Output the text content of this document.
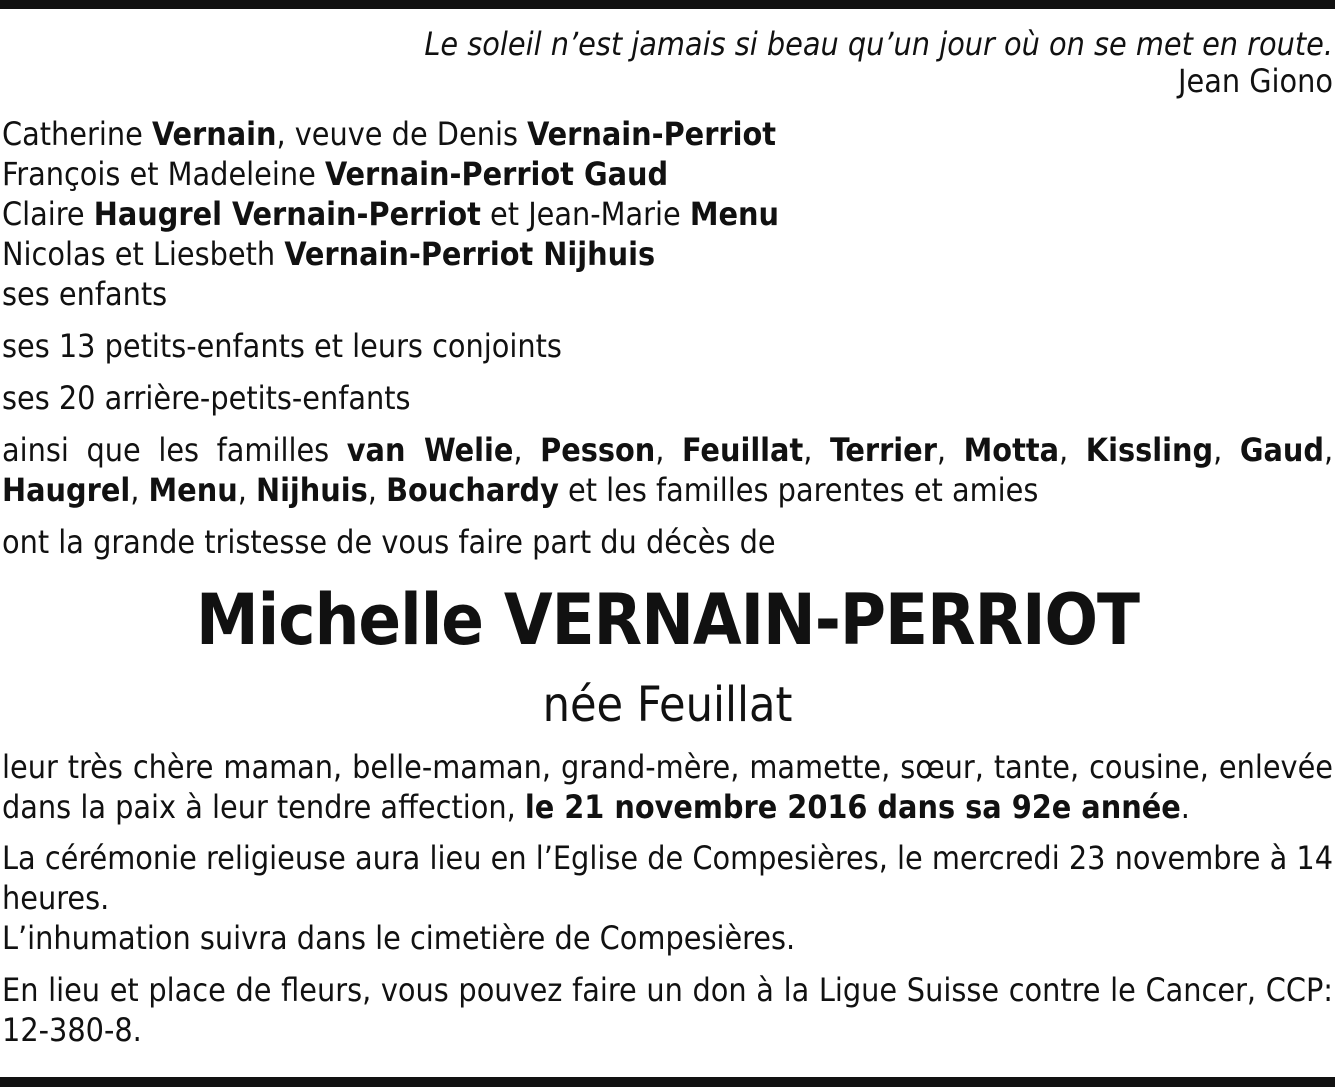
Le soleil n’est jamais si beau qu’un jour où on se met en route.
Jean Giono
Catherine Vernain, veuve de Denis Vernain-Perriot
François et Madeleine Vernain-Perriot Gaud
Claire Haugrel Vernain-Perriot et Jean-Marie Menu
Nicolas et Liesbeth Vernain-Perriot Nijhuis
ses enfants
ses 13 petits-enfants et leurs conjoints
ses 20 arrière-petits-enfants
ainsi que les familles van Welie, Pesson, Feuillat, Terrier, Motta, Kissling, Gaud, Haugrel, Menu, Nijhuis, Bouchardy et les familles parentes et amies
ont la grande tristesse de vous faire part du décès de
Michelle VERNAIN-PERRIOT
née Feuillat
leur très chère maman, belle-maman, grand-mère, mamette, sœur, tante, cousine, enlevée dans la paix à leur tendre affection, le 21 novembre 2016 dans sa 92e année.
La cérémonie religieuse aura lieu en l’Eglise de Compesières, le mercredi 23 novembre à 14 heures.
L’inhumation suivra dans le cimetière de Compesières.
En lieu et place de fleurs, vous pouvez faire un don à la Ligue Suisse contre le Cancer, CCP: 12-380-8.
